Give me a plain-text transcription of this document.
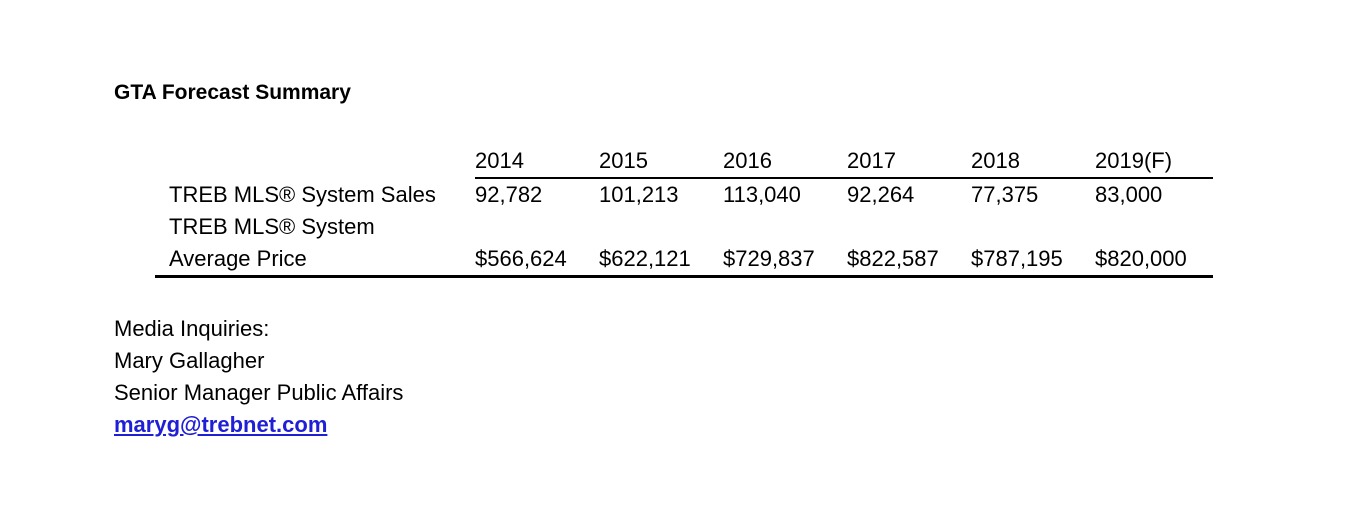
GTA Forecast Summary
	2014	2015	2016	2017	2018	2019(F)
TREB MLS® System Sales	92,782	101,213	113,040	92,264	77,375	83,000
TREB MLS® System						
Average Price	$566,624	$622,121	$729,837	$822,587	$787,195	$820,000
Media Inquiries:
Mary Gallagher
Senior Manager Public Affairs
maryg@trebnet.com
